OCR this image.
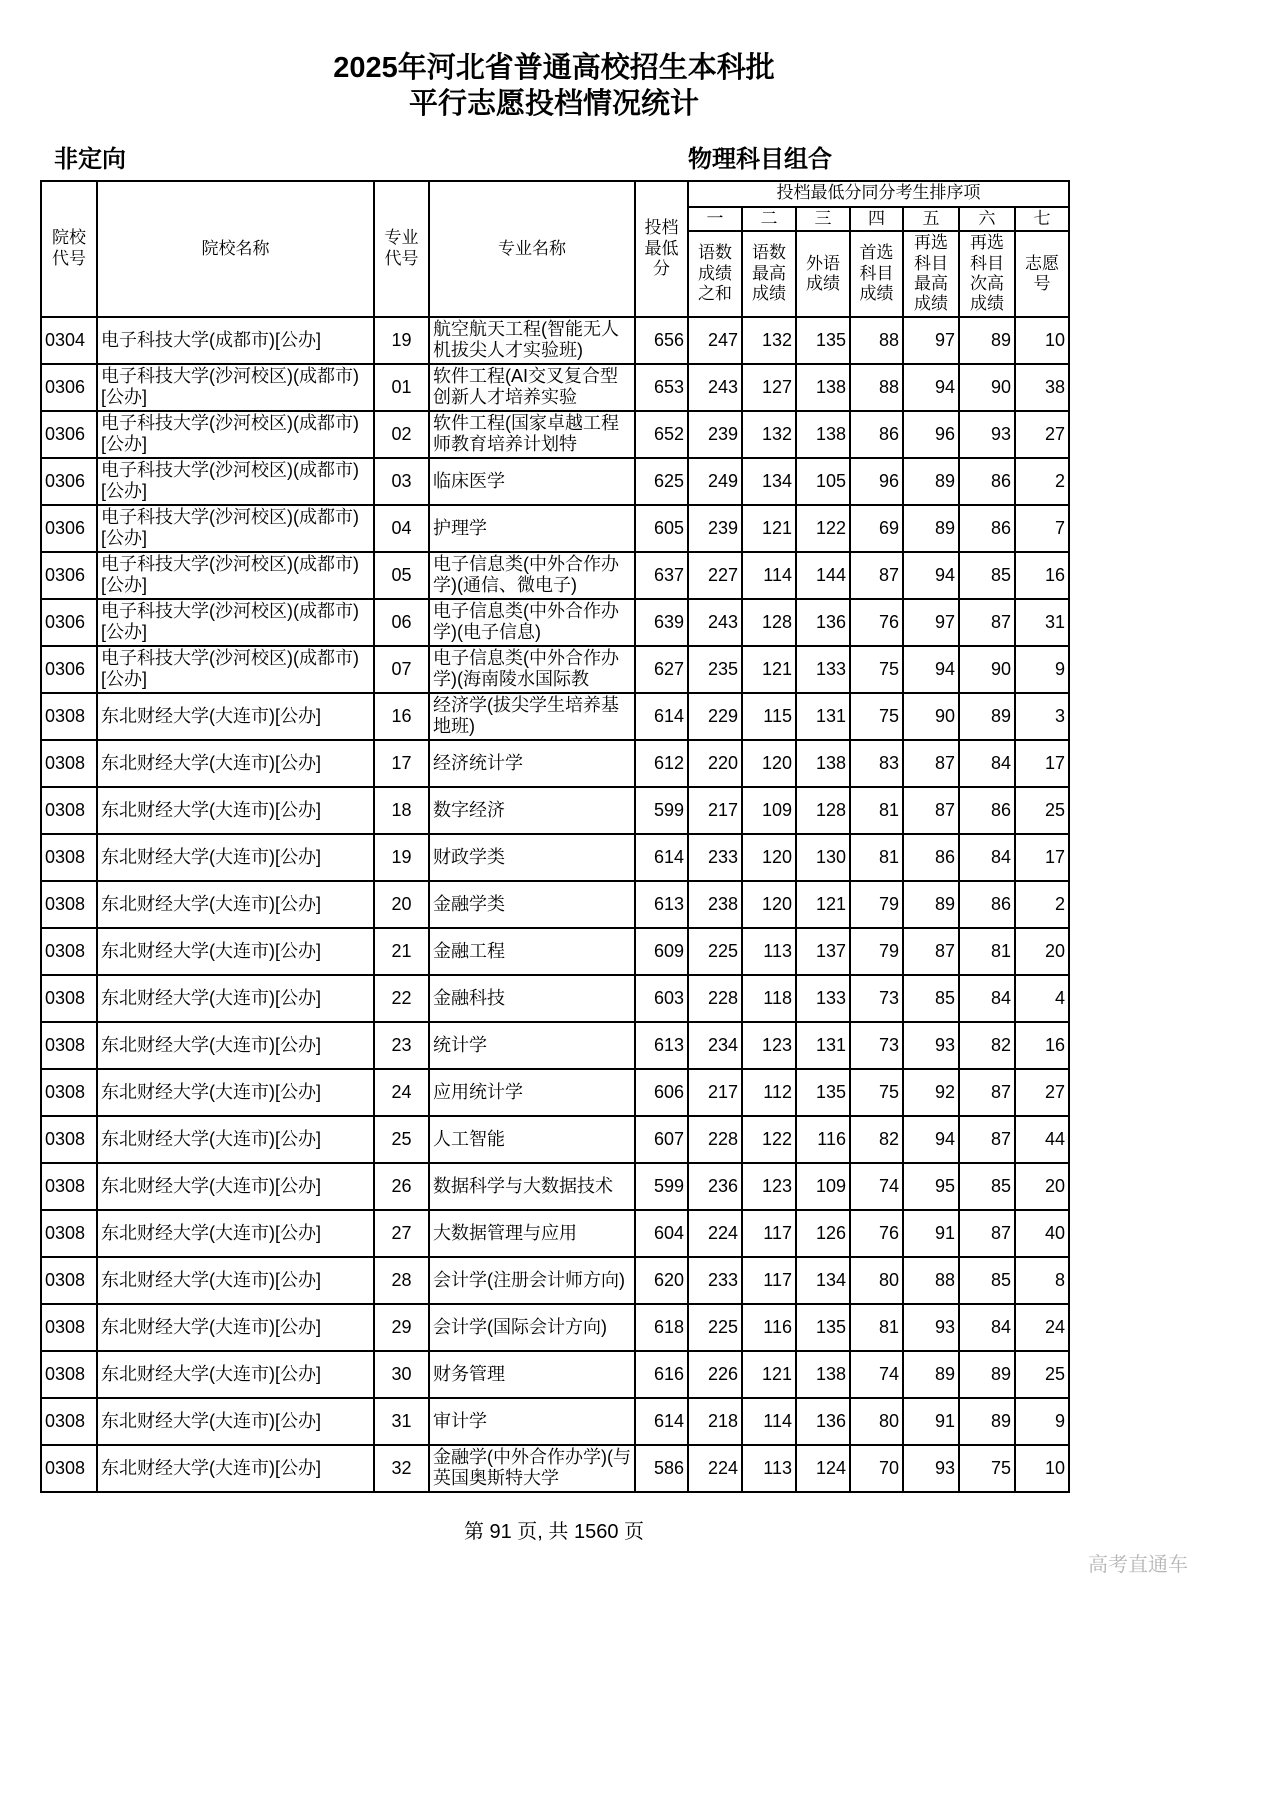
2025年河北省普通高校招生本科批
平行志愿投档情况统计
非定向	物理科目组合
院校代号	院校名称	专业代号	专业名称	投档最低分	投档最低分同分考生排序项						
					一	二	三	四	五	六	七
					语数成绩之和	语数最高成绩	外语成绩	首选科目成绩	再选科目最高成绩	再选科目次高成绩	志愿号
0304	电子科技大学(成都市)[公办]	19	航空航天工程(智能无人机拔尖人才实验班)	656	247	132	135	88	97	89	10
0306	电子科技大学(沙河校区)(成都市)[公办]	01	软件工程(AI交叉复合型创新人才培养实验	653	243	127	138	88	94	90	38
0306	电子科技大学(沙河校区)(成都市)[公办]	02	软件工程(国家卓越工程师教育培养计划特	652	239	132	138	86	96	93	27
0306	电子科技大学(沙河校区)(成都市)[公办]	03	临床医学	625	249	134	105	96	89	86	2
0306	电子科技大学(沙河校区)(成都市)[公办]	04	护理学	605	239	121	122	69	89	86	7
0306	电子科技大学(沙河校区)(成都市)[公办]	05	电子信息类(中外合作办学)(通信、微电子)	637	227	114	144	87	94	85	16
0306	电子科技大学(沙河校区)(成都市)[公办]	06	电子信息类(中外合作办学)(电子信息)	639	243	128	136	76	97	87	31
0306	电子科技大学(沙河校区)(成都市)[公办]	07	电子信息类(中外合作办学)(海南陵水国际教	627	235	121	133	75	94	90	9
0308	东北财经大学(大连市)[公办]	16	经济学(拔尖学生培养基地班)	614	229	115	131	75	90	89	3
0308	东北财经大学(大连市)[公办]	17	经济统计学	612	220	120	138	83	87	84	17
0308	东北财经大学(大连市)[公办]	18	数字经济	599	217	109	128	81	87	86	25
0308	东北财经大学(大连市)[公办]	19	财政学类	614	233	120	130	81	86	84	17
0308	东北财经大学(大连市)[公办]	20	金融学类	613	238	120	121	79	89	86	2
0308	东北财经大学(大连市)[公办]	21	金融工程	609	225	113	137	79	87	81	20
0308	东北财经大学(大连市)[公办]	22	金融科技	603	228	118	133	73	85	84	4
0308	东北财经大学(大连市)[公办]	23	统计学	613	234	123	131	73	93	82	16
0308	东北财经大学(大连市)[公办]	24	应用统计学	606	217	112	135	75	92	87	27
0308	东北财经大学(大连市)[公办]	25	人工智能	607	228	122	116	82	94	87	44
0308	东北财经大学(大连市)[公办]	26	数据科学与大数据技术	599	236	123	109	74	95	85	20
0308	东北财经大学(大连市)[公办]	27	大数据管理与应用	604	224	117	126	76	91	87	40
0308	东北财经大学(大连市)[公办]	28	会计学(注册会计师方向)	620	233	117	134	80	88	85	8
0308	东北财经大学(大连市)[公办]	29	会计学(国际会计方向)	618	225	116	135	81	93	84	24
0308	东北财经大学(大连市)[公办]	30	财务管理	616	226	121	138	74	89	89	25
0308	东北财经大学(大连市)[公办]	31	审计学	614	218	114	136	80	91	89	9
0308	东北财经大学(大连市)[公办]	32	金融学(中外合作办学)(与英国奥斯特大学	586	224	113	124	70	93	75	10
第 91 页, 共 1560 页
高考直通车
